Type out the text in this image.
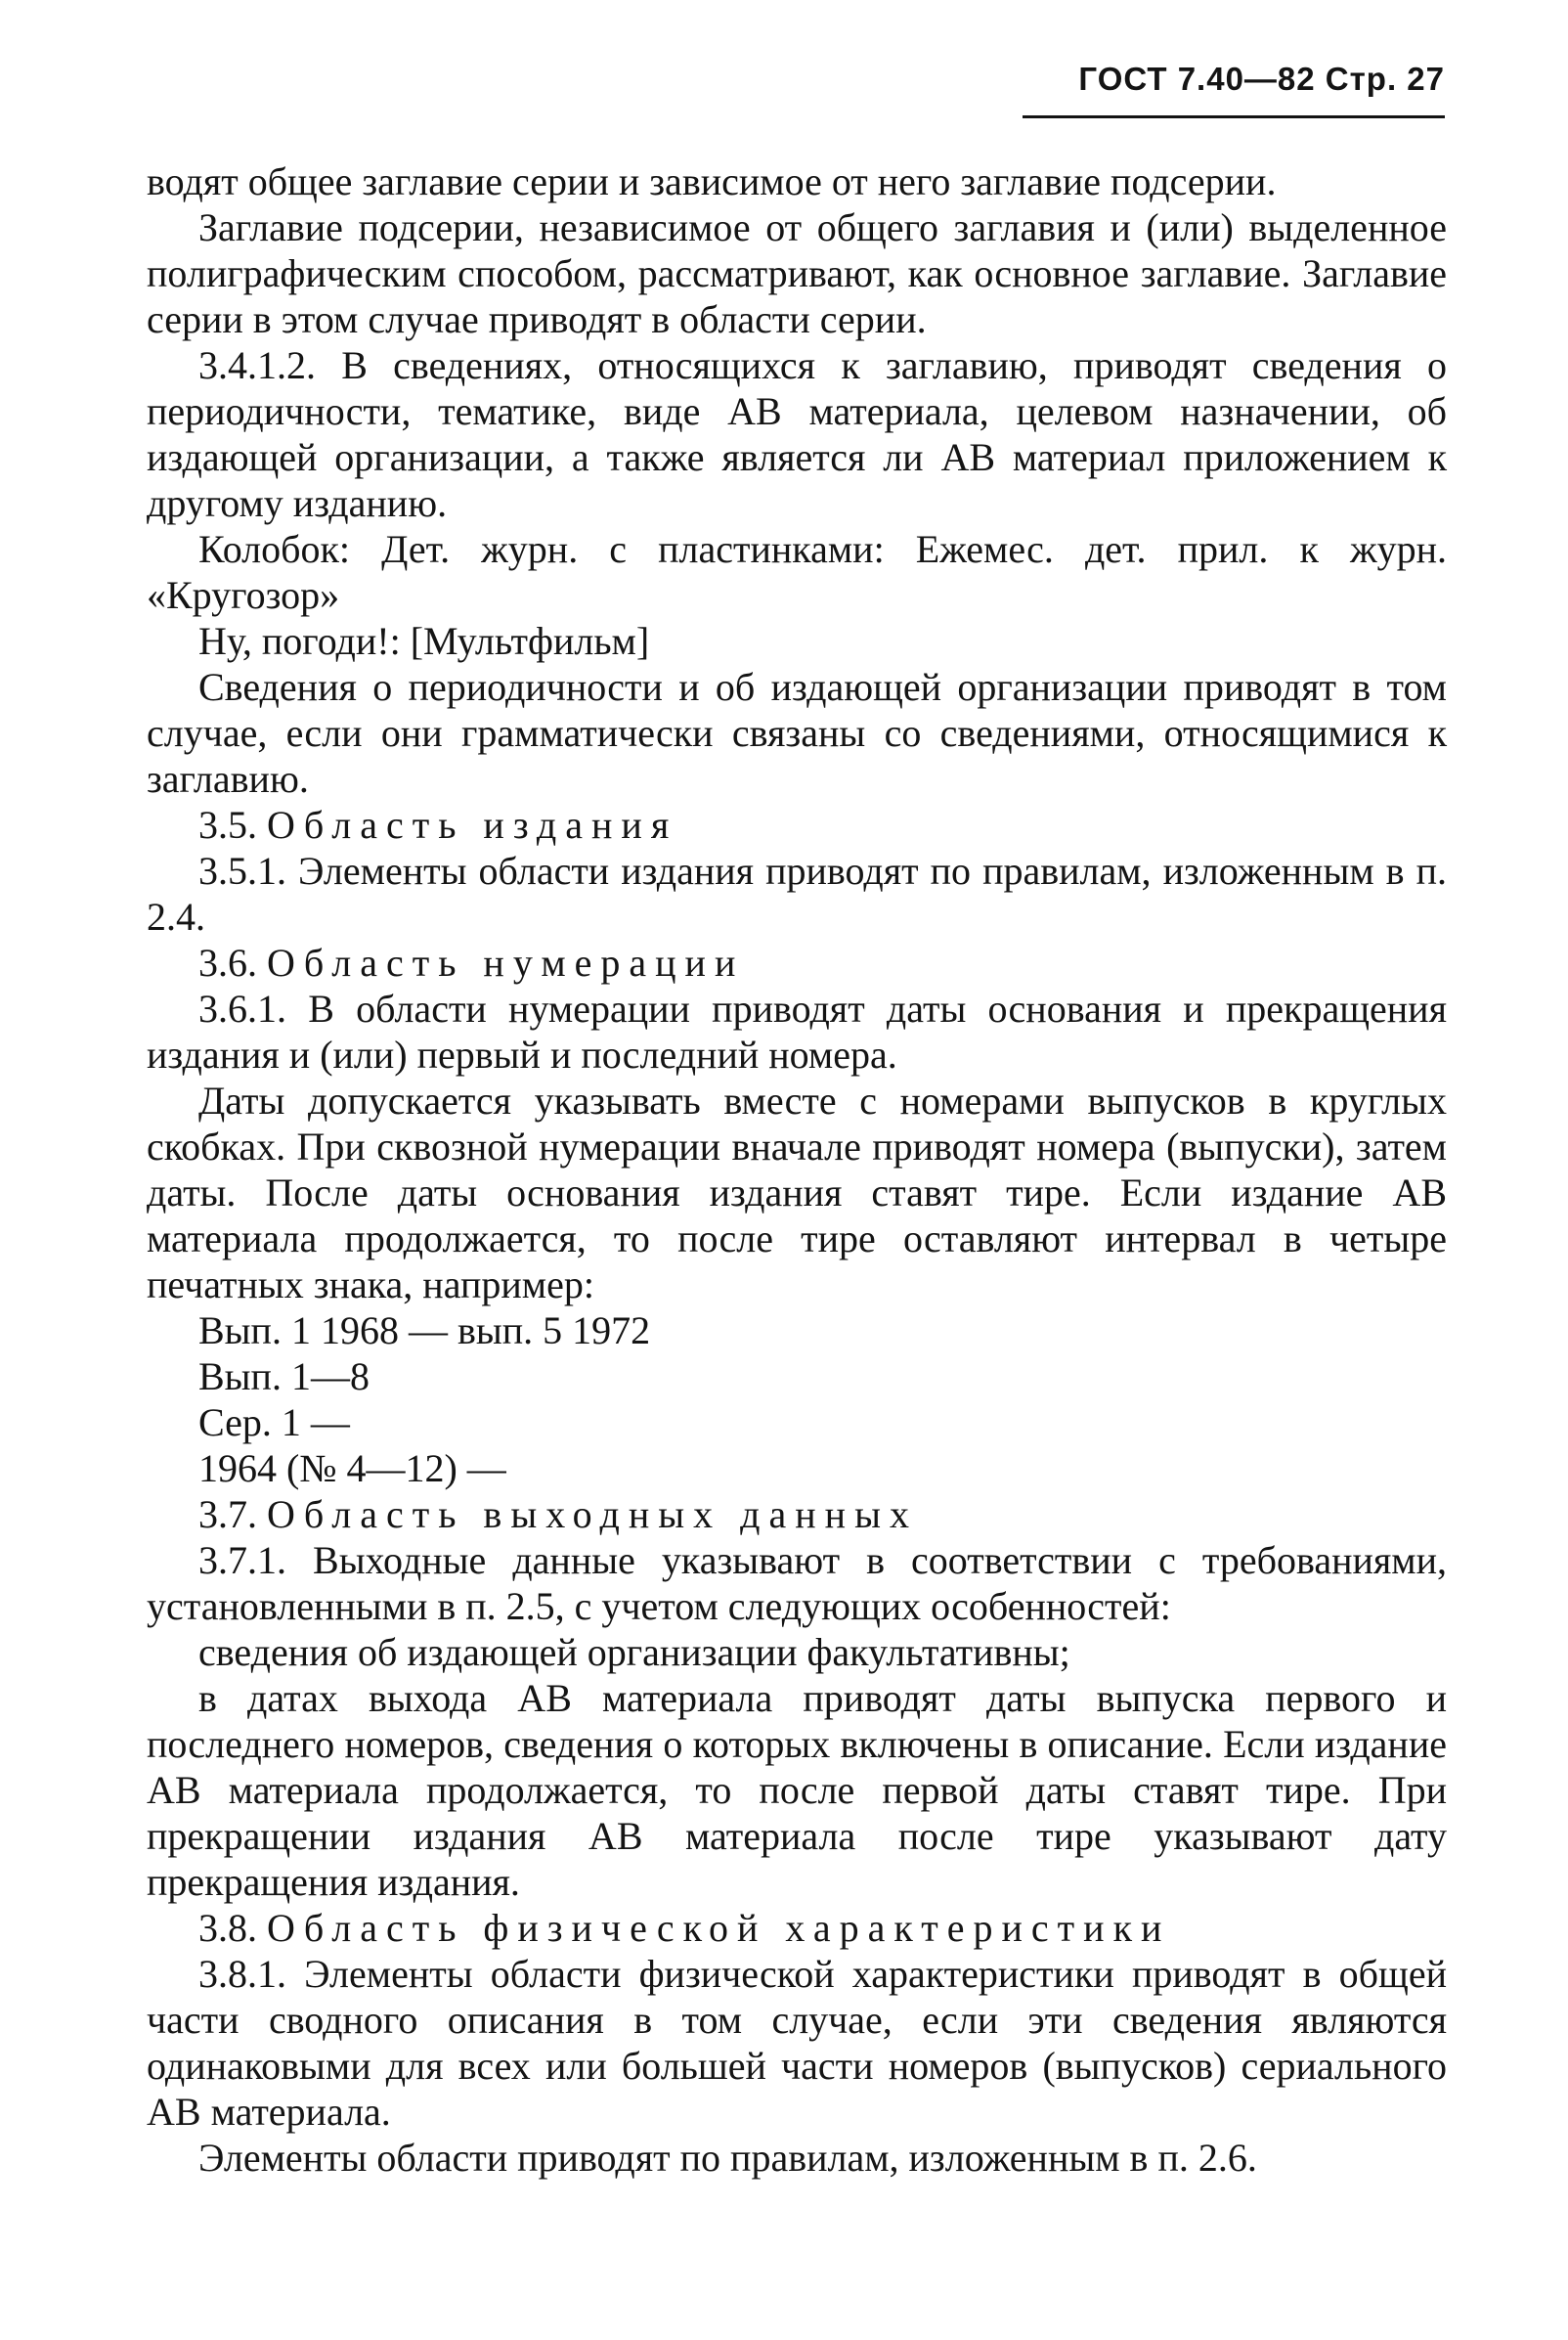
ГОСТ 7.40—82 Стр. 27

водят общее заглавие серии и зависимое от него заглавие подсерии.

Заглавие подсерии, независимое от общего заглавия и (или) выделенное полиграфическим способом, рассматривают, как основное заглавие. Заглавие серии в этом случае приводят в области серии.

3.4.1.2. В сведениях, относящихся к заглавию, приводят сведения о периодичности, тематике, виде АВ материала, целевом назначении, об издающей организации, а также является ли АВ материал приложением к другому изданию.

Колобок: Дет. журн. с пластинками: Ежемес. дет. прил. к журн. «Кругозор»

Ну, погоди!: [Мультфильм]

Сведения о периодичности и об издающей организации приводят в том случае, если они грамматически связаны со сведениями, относящимися к заглавию.

3.5. Область издания

3.5.1. Элементы области издания приводят по правилам, изложенным в п. 2.4.

3.6. Область нумерации

3.6.1. В области нумерации приводят даты основания и прекращения издания и (или) первый и последний номера.

Даты допускается указывать вместе с номерами выпусков в круглых скобках. При сквозной нумерации вначале приводят номера (выпуски), затем даты. После даты основания издания ставят тире. Если издание АВ материала продолжается, то после тире оставляют интервал в четыре печатных знака, например:

Вып. 1 1968 — вып. 5 1972

Вып. 1—8

Сер. 1 —

1964 (№ 4—12) —

3.7. Область выходных данных

3.7.1. Выходные данные указывают в соответствии с требованиями, установленными в п. 2.5, с учетом следующих особенностей:

сведения об издающей организации факультативны;

в датах выхода АВ материала приводят даты выпуска первого и последнего номеров, сведения о которых включены в описание. Если издание АВ материала продолжается, то после первой даты ставят тире. При прекращении издания АВ материала после тире указывают дату прекращения издания.

3.8. Область физической характеристики

3.8.1. Элементы области физической характеристики приводят в общей части сводного описания в том случае, если эти сведения являются одинаковыми для всех или большей части номеров (выпусков) сериального АВ материала.

Элементы области приводят по правилам, изложенным в п. 2.6.
